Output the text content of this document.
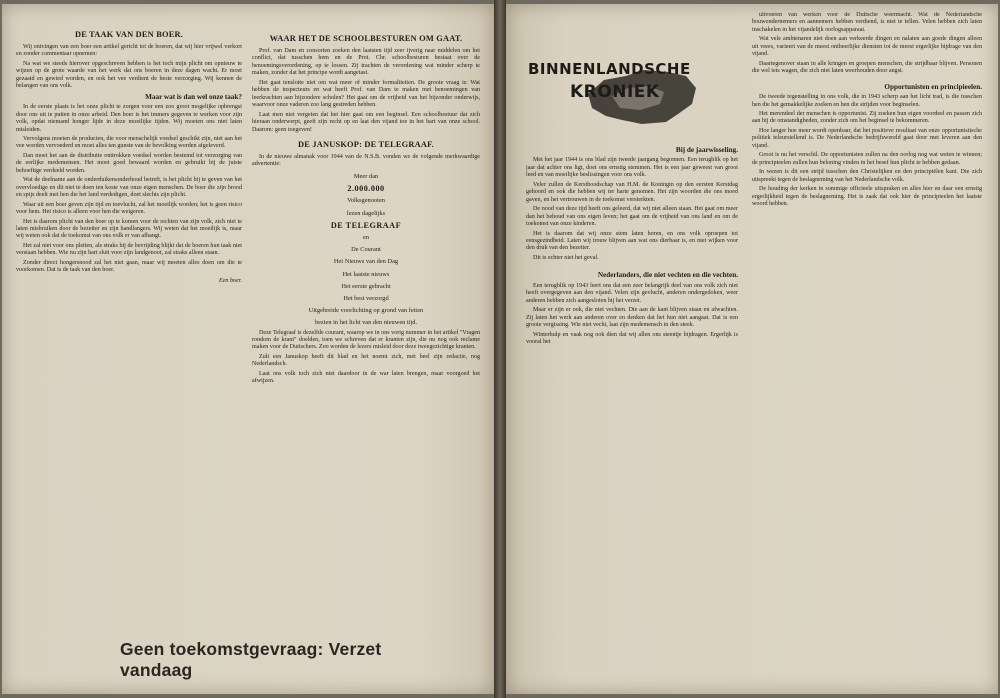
DE TAAK VAN DEN BOER.

Wij ontvingen van een boer een artikel gericht tot de boeren, dat wij hier vrijwel verkort en zonder commentaar opnemen:

Na wat we steeds hierover opgeschreven hebben is het toch mijn plicht om opnieuw te wijzen op de grote waarde van het werk dat ons boeren in deze dagen wacht. Er moet gezaaid en gewied worden, en ook het vee verdient de beste verzorging. Wij kennen de belangen van ons volk.

Maar wat is dan wel onze taak?

In de eerste plaats is het onze plicht te zorgen voor een zoo groot mogelijke opbrengst door ons uit te putten in onze arbeid. Den boer is het immers gegeven te werken voor zijn volk, opdat niemand honger lijde in deze moeilijke tijden. Wij moeten ons niet laten misleiden.

Vervolgens moeten de producten, die voor menschelijk voedsel geschikt zijn, niet aan het vee worden vervoederd en moet alles ten gunste van de bevolking worden afgeleverd.

Dan moet het aan de distributie onttrokken voedsel worden bestemd tot verzorging van de eerlijke medemensen. Het moet goed bewaard worden en gebruikt bij de juiste behoeftige verdeeld worden.

Wat de deelname aan de onderduikersonderhoud betreft, is het plicht bij te geven van het overvloedige en dit niet te doen ten koste van onze eigen menschen. De boer die zijn brood en spijs deelt met hen die het land verdedigen, doet slechts zijn plicht.

Waar uit een boer geven zijn tijd en toevlucht, zal het moeilijk worden; het is geen risico voor hem. Het risico is alleen voor hen die weigeren.

Het is daarom plicht van den boer op te komen voor de rechten van zijn volk, zich niet te laten misbruiken door de bezetter en zijn handlangers. Wij weten dat het moeilijk is, maar wij weten ook dat de toekomst van ons volk er van afhangt.

Het zal niet voor ons pletten, als straks bij de bevrijding blijkt dat de boeren hun taak niet verstaan hebben. Wie nu zijn hart sluit voor zijn landgenoot, zal straks alleen staan.

Zonder direct hongersnood zal het niet gaan, maar wij moeten alles doen om die te voorkomen. Dat is de taak van den boer.

Een boer.
WAAR HET DE SCHOOLBESTUREN OM GAAT.

Prof. van Dam en consorten zoeken den laatsten tijd zeer ijverig naar middelen om het conflict, dat tusschen hem en de Prot. Chr. schoolbesturen bestaat over de benoemingsverordening, op te lossen. Zij trachten de verordening wat minder scherp te maken, zonder dat het principe wordt aangetast.

Het gaat tenslotte niet om wat meer of minder formaliteiten. De groote vraag is: Wat hebben de inspecteurs en wat heeft Prof. van Dam te maken met benoemingen van leerkrachten aan bijzondere scholen? Het gaat om de vrijheid van het bijzonder onderwijs, waarvoor onze vaderen zoo lang gestreden hebben.

Laat men niet vergeten dat het hier gaat om een beginsel. Een schoolbestuur dat zich hieraan onderwerpt, geeft zijn recht op en laat den vijand toe in het hart van onze school. Daarom: geen toegeven!

DE JANUSKOP: DE TELEGRAAF.

In de nieuwe almanak voor 1944 van de N.S.B. vonden we de volgende merkwaardige advertentie:

Meer dan
2.000.000
Volksgenooten
lezen dagelijks
DE TELEGRAAF
en
De Courant
Het Nieuws van den Dag
Het laatste nieuws
Het eerste gebracht
Het best verzorgd
Uitgebreide voorlichting op grond van feiten
bezien in het licht van den nieuwen tijd.

Deze Telegraaf is dezelfde courant, waarop we in ons vorig nummer in het artikel "Vragen rondom de krant" doelden, toen we schreven dat er kranten zijn, die nu nog ook reclame maken voor de Duitschers. Zoo worden de lezers misleid door deze tweegezichtige kranten.

Zult een Januskop heeft dit blad en het noemt zich, met beel zijn redactie, nog Nederlandsch.

Laat ons volk toch zich niet daardoor in de war laten brengen, maar voorgoed het afwijzen.

Geen toekomstgevraag: Verzet vandaag
BINNENLANDSCHE
KRONIEK
Bij de jaarwisseling.

Met het jaar 1944 is ons blad zijn tweede jaargang begonnen. Een terugblik op het jaar dat achter ons ligt, doet ons ernstig stemmen. Het is een jaar geweest van groot leed en van moeilijke beslissingen voor ons volk.

Veler zullen de Kerstboodschap van H.M. de Koningin op den eersten Kerstdag gehoord en ook die hebben wij ter harte genomen. Het zijn woorden die ons moed gaven, en het vertrouwen in de toekomst versterkten.

De nood van deze tijd heeft ons geleerd, dat wij niet alleen staan. Het gaat om meer dan het behoud van ons eigen leven; het gaat om de vrijheid van ons land en om de toekomst van onze kinderen.

Het is daarom dat wij onze stem laten horen, en ons volk oproepen tot eensgezindheid. Laten wij trouw blijven aan wat ons dierbaar is, en niet wijken voor den druk van den bezetter.

Dit is echter niet het geval.

Nederlanders, die niet vechten en die vechten.

Een terugblik op 1943 leert ons dat een zeer belangrijk deel van ons volk zich niet heeft overgegeven aan den vijand. Velen zijn gevlucht, anderen ondergedoken, weer anderen hebben zich aangesloten bij het verzet.

Maar er zijn er ook, die niet vechten. Die aan de kant blijven staan en afwachten. Zij laten het werk aan anderen over en denken dat het hun niet aangaat. Dat is een groote vergissing. Wie niet vecht, laat zijn medemensch in den steek.

Winterhulp en vaak nog ook dien dat wij allen ons steentje bijdragen. Ergerlijk is vooral het

uitvoeren van werken voor de Duitsche weermacht. Wat de Nederlandsche bouwondernemers en aannemers hebben verdiend, is niet te tellen. Velen hebben zich laten inschakelen in het vijandelijk oorlogsapparaat.

Wat vele ambtenaren niet doen aan verkeerde dingen en nalaten aan goede dingen alleen uit vrees, varieert van de meest ontbeerlijke diensten tot de meest ergerlijke bijdrage van den vijand.

Daartegenover staan in alle kringen en groepen menschen, die strijdbaar blijven. Personen die wel iets wagen, die zich niet laten weerhouden door angst.

Opportunisten en principieelen.

De tweede tegenstelling in ons volk, die in 1943 scherp aan het licht trad, is die tusschen hen die het gemakkelijke zoeken en hen die strijden voor beginselen.

Het merendeel der menschen is opportunist. Zij zoeken hun eigen voordeel en passen zich aan bij de omstandigheden, zonder zich om het beginsel te bekommeren.

Hoe langer hoe meer wordt openbaar, dat het positieve resultaat van onze opportunistische politiek teleurstellend is. De Nederlandsche bedrijfswereld gaat door met leveren aan den vijand.

Groot is nu het verschil. De opportunisten zullen na den oorlog nog wat weten te winnen; de principieelen zullen hun beloning vinden in het besef hun plicht te hebben gedaan.

In wezen is dit een strijd tusschen den Christelijken en den principiëlen kant. Die zich uitspreekt tegen de beslagneming van het Nederlandsche volk.

De houding der kerken in sommige officieele uitspraken en alles hier en daar een ernstig ergerlijkheid tegen de beslagneming. Het is zaak dat ook hier de principieelen het laatste woord hebben.
